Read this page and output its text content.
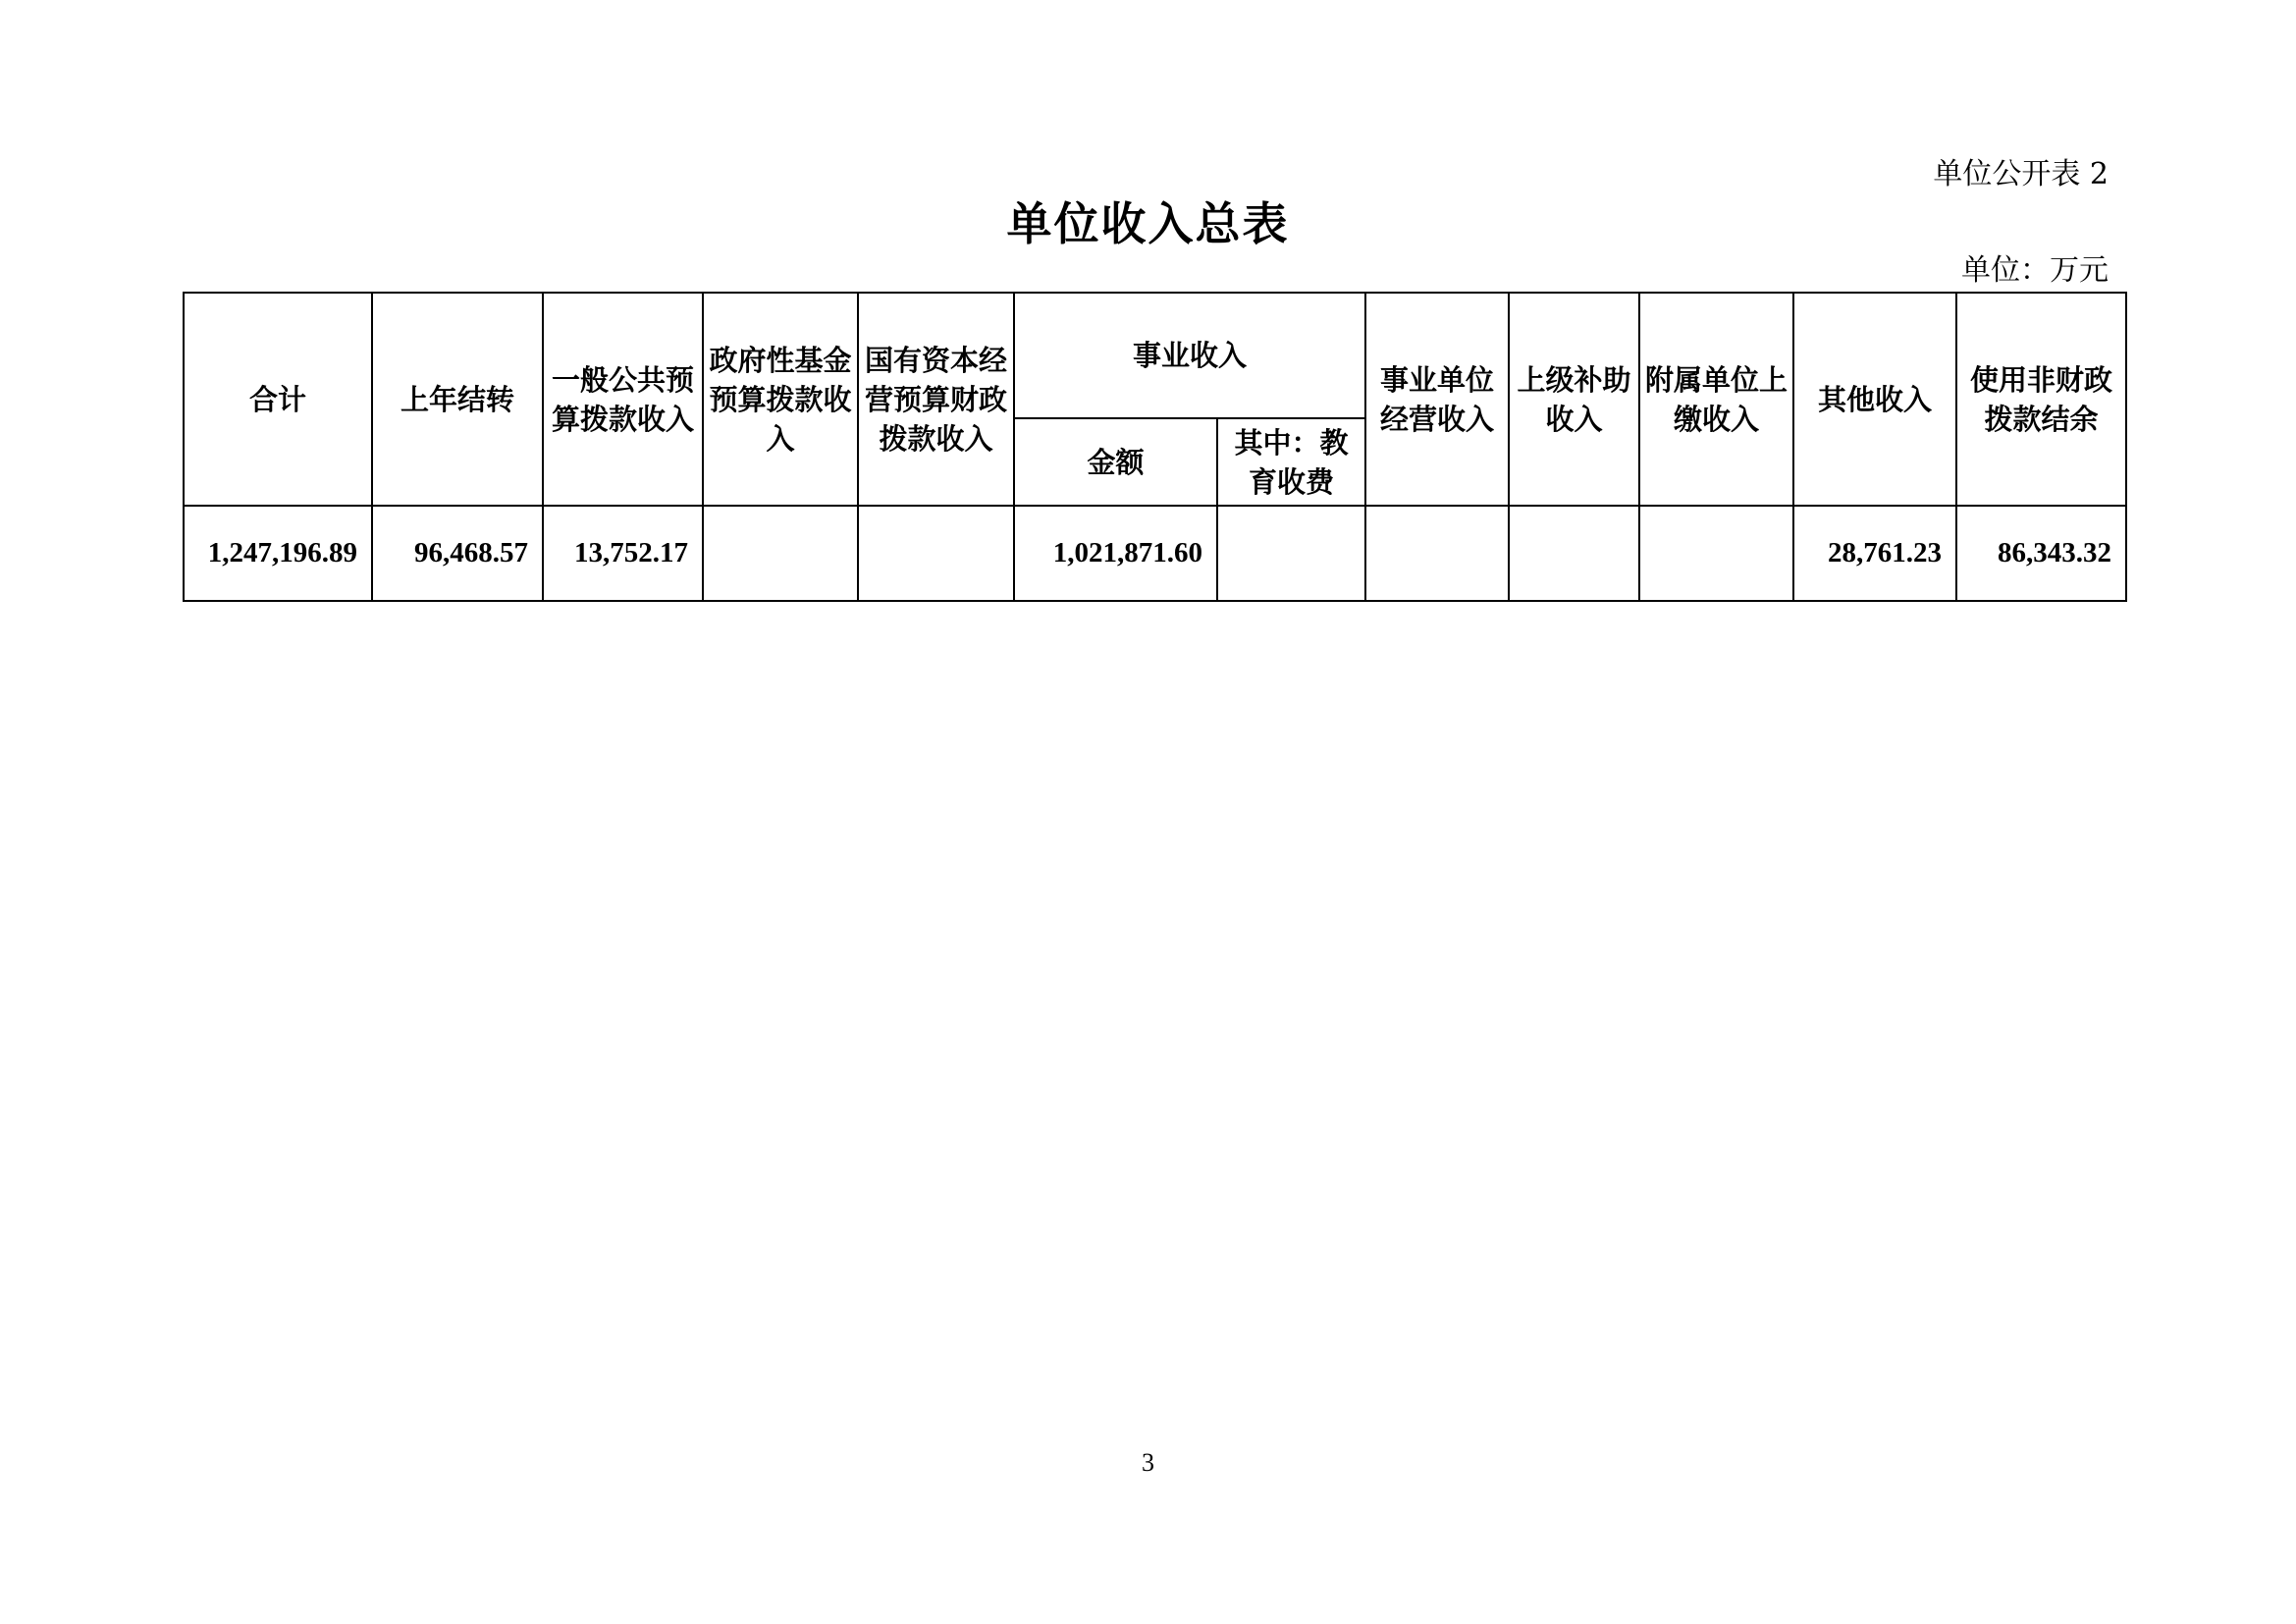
单位公开表 2
单位收入总表
单位：万元
合计	上年结转	一般公共预算拨款收入	政府性基金预算拨款收入	国有资本经营预算财政拨款收入	事业收入		事业单位经营收入	上级补助收入	附属单位上缴收入	其他收入	使用非财政拨款结余
					金额	其中：教育收费					
1,247,196.89	96,468.57	13,752.17			1,021,871.60					28,761.23	86,343.32
3
